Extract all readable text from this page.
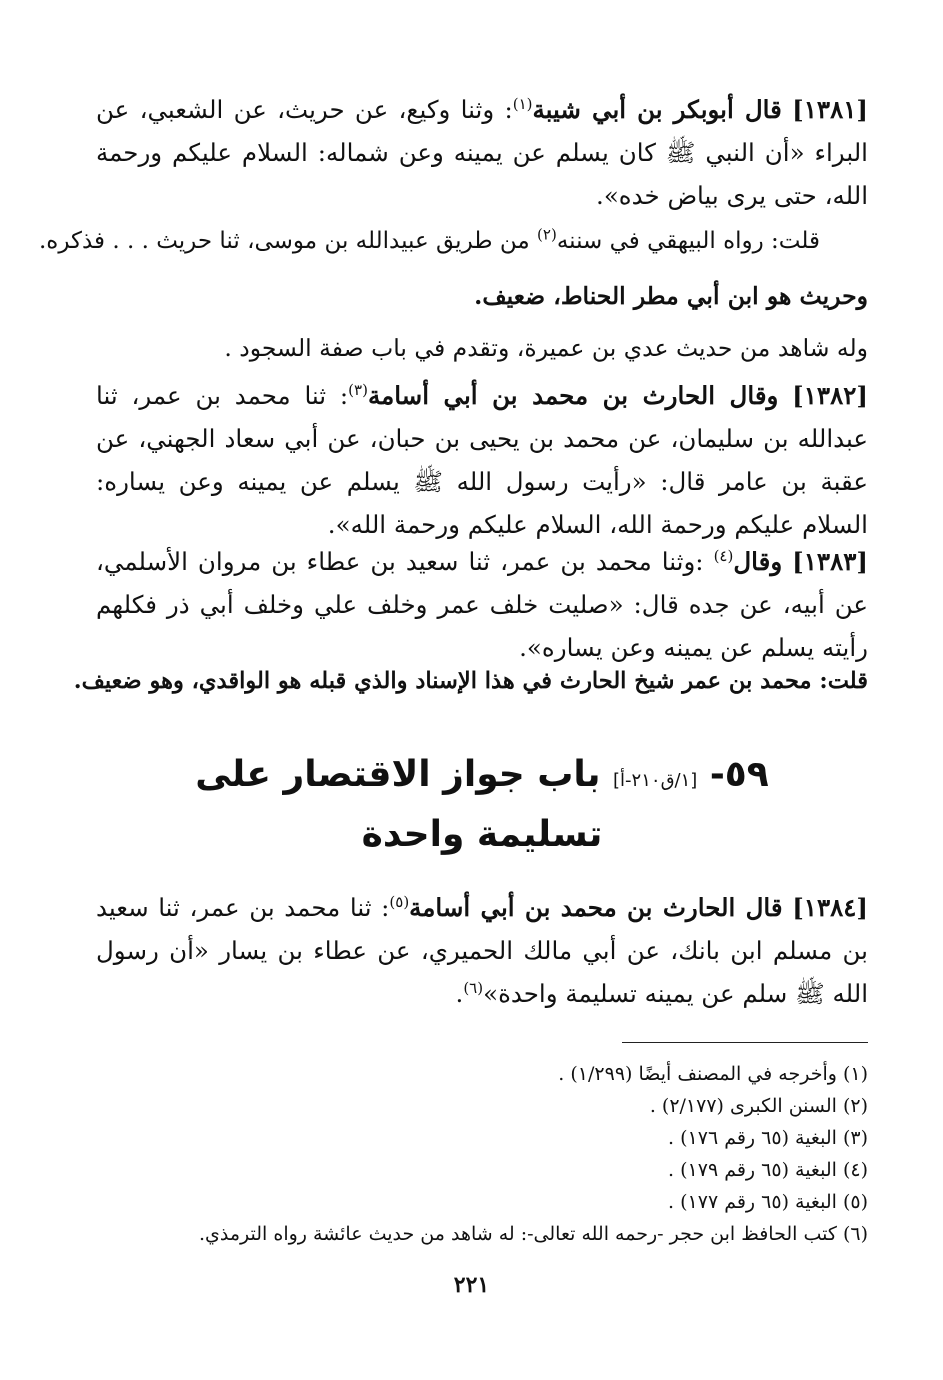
[١٣٨١] قال أبوبكر بن أبي شيبة$^{(١)}$: وثنا وكيع، عن حريث، عن الشعبي، عن البراء «أن النبي ﷺ كان يسلم عن يمينه وعن شماله: السلام عليكم ورحمة الله، حتى يرى بياض خده».
قلت: رواه البيهقي في سننه$^{(٢)}$ من طريق عبيدالله بن موسى، ثنا حريث . . . فذكره.
وحريث هو ابن أبي مطر الحناط، ضعيف.
وله شاهد من حديث عدي بن عميرة، وتقدم في باب صفة السجود .
[١٣٨٢] وقال الحارث بن محمد بن أبي أسامة$^{(٣)}$: ثنا محمد بن عمر، ثنا عبدالله بن سليمان، عن محمد بن يحيى بن حبان، عن أبي سعاد الجهني، عن عقبة بن عامر قال: «رأيت رسول الله ﷺ يسلم عن يمينه وعن يساره: السلام عليكم ورحمة الله، السلام عليكم ورحمة الله».
[١٣٨٣] وقال$^{(٤)}$ :وثنا محمد بن عمر، ثنا سعيد بن عطاء بن مروان الأسلمي، عن أبيه، عن جده قال: «صليت خلف عمر وخلف علي وخلف أبي ذر فكلهم رأيته يسلم عن يمينه وعن يساره».
قلت: محمد بن عمر شيخ الحارث في هذا الإسناد والذي قبله هو الواقدي، وهو ضعيف.
٥٩- [١/ق٢١٠-أ] باب جواز الاقتصار على
تسليمة واحدة
[١٣٨٤] قال الحارث بن محمد بن أبي أسامة$^{(٥)}$: ثنا محمد بن عمر، ثنا سعيد بن مسلم ابن بانك، عن أبي مالك الحميري، عن عطاء بن يسار «أن رسول الله ﷺ سلم عن يمينه تسليمة واحدة»$^{(٦)}$.
(١) وأخرجه في المصنف أيضًا (١/٢٩٩) .
(٢) السنن الكبرى (٢/١٧٧) .
(٣) البغية (٦٥ رقم ١٧٦) .
(٤) البغية (٦٥ رقم ١٧٩) .
(٥) البغية (٦٥ رقم ١٧٧) .
(٦) كتب الحافظ ابن حجر -رحمه الله تعالى-: له شاهد من حديث عائشة رواه الترمذي.
٢٢١
